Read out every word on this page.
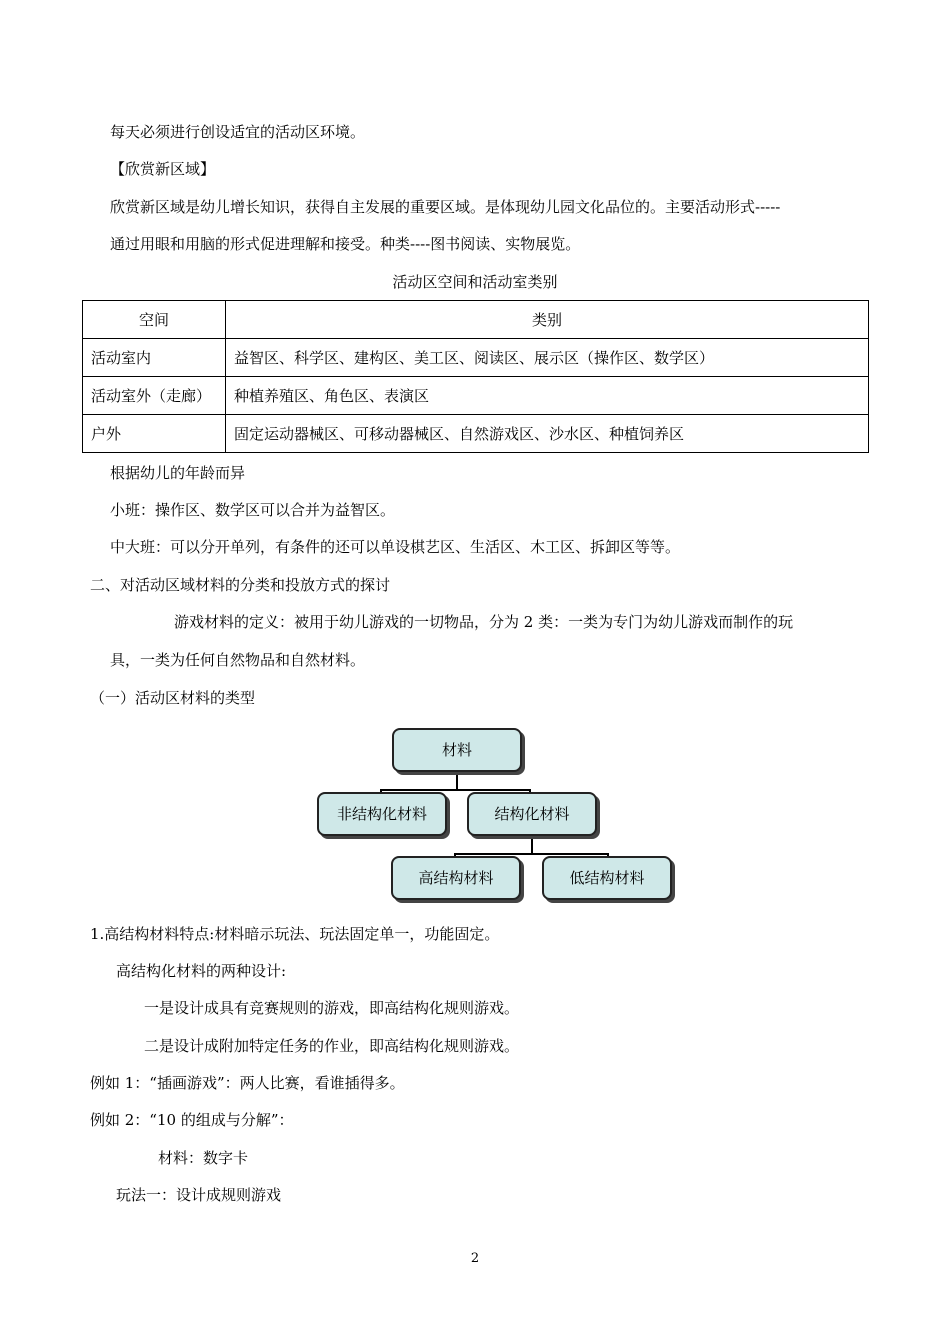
每天必须进行创设适宜的活动区环境。
【欣赏新区域】
欣赏新区域是幼儿增长知识，获得自主发展的重要区域。是体现幼儿园文化品位的。主要活动形式-----
通过用眼和用脑的形式促进理解和接受。种类----图书阅读、实物展览。
活动区空间和活动室类别
空间	类别
活动室内	益智区、科学区、建构区、美工区、阅读区、展示区（操作区、数学区）
活动室外（走廊）	种植养殖区、角色区、表演区
户外	固定运动器械区、可移动器械区、自然游戏区、沙水区、种植饲养区
根据幼儿的年龄而异
小班：操作区、数学区可以合并为益智区。
中大班：可以分开单列，有条件的还可以单设棋艺区、生活区、木工区、拆卸区等等。
二、对活动区域材料的分类和投放方式的探讨
游戏材料的定义：被用于幼儿游戏的一切物品，分为 2 类：一类为专门为幼儿游戏而制作的玩
具，一类为任何自然物品和自然材料。
（一）活动区材料的类型
材料
非结构化材料	结构化材料
高结构材料	低结构材料
1.高结构材料特点:材料暗示玩法、玩法固定单一，功能固定。
高结构化材料的两种设计:
一是设计成具有竞赛规则的游戏，即高结构化规则游戏。
二是设计成附加特定任务的作业，即高结构化规则游戏。
例如 1：“插画游戏”：两人比赛，看谁插得多。
例如 2：“10 的组成与分解”：
材料：数字卡
玩法一：设计成规则游戏
2
